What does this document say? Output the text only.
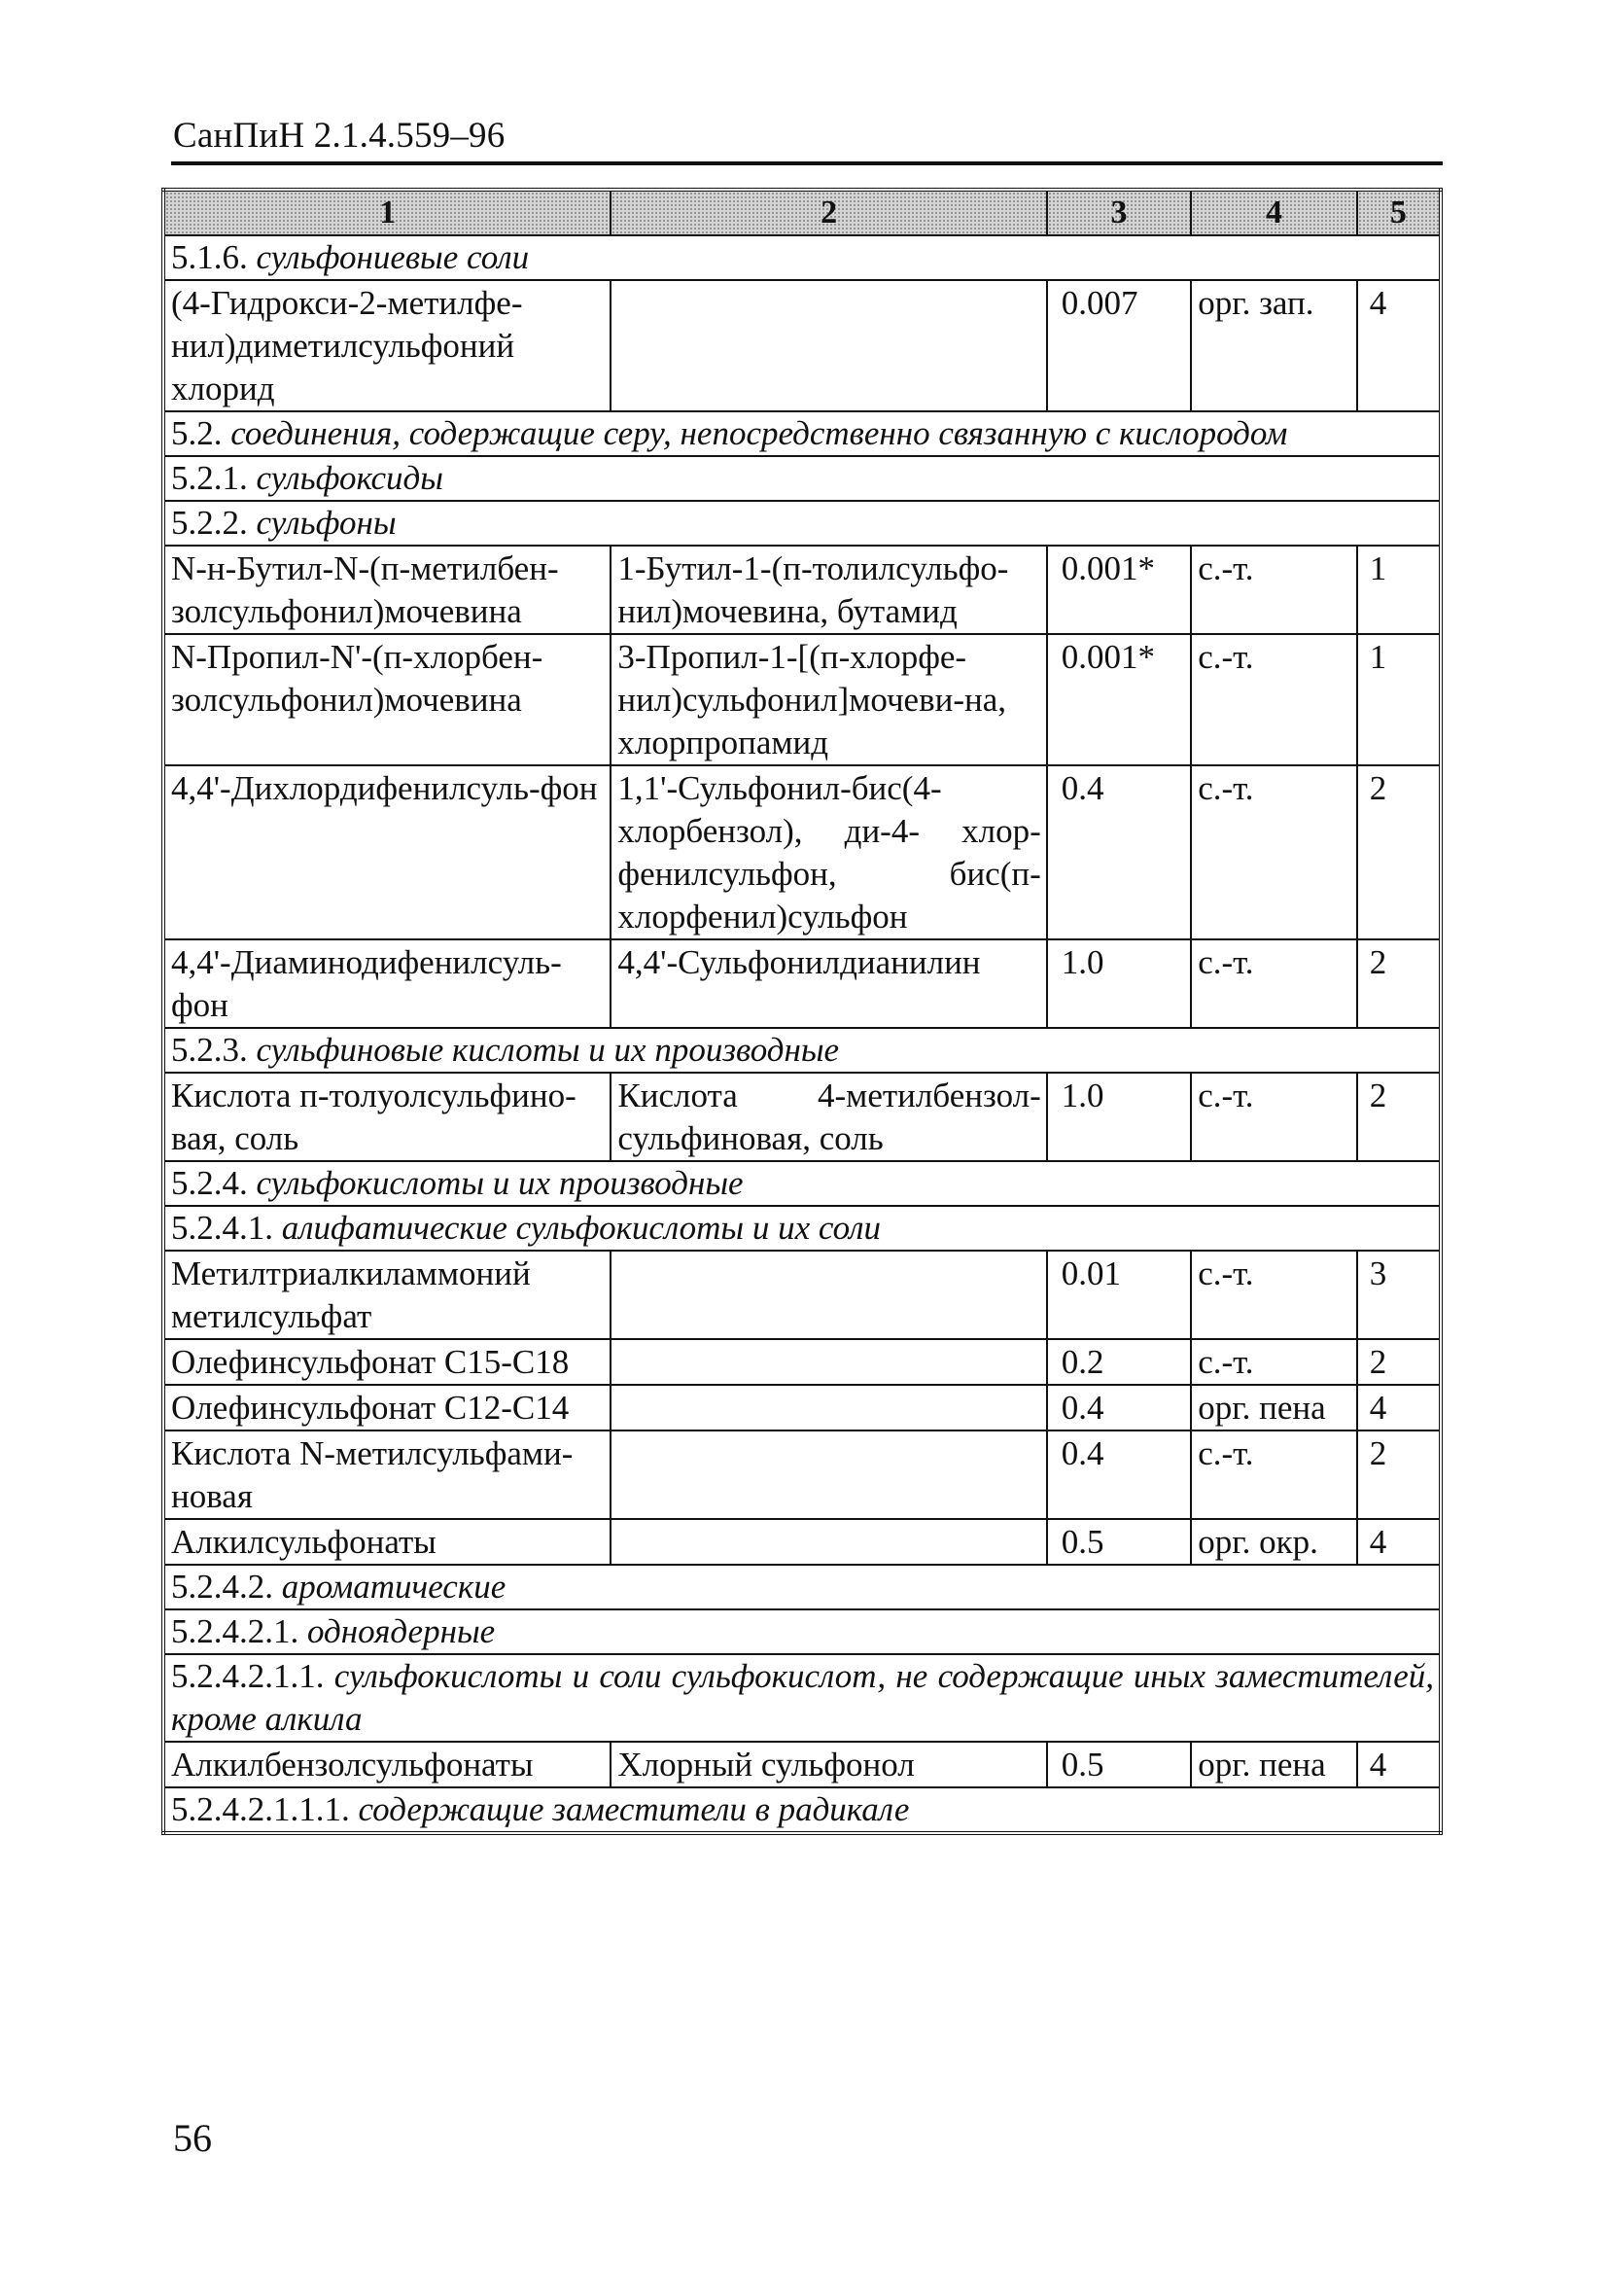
СанПиН 2.1.4.559–96
1	2	3	4	5
5.1.6. сульфониевые соли				
(4-Гидрокси-2-метилфе-нил)диметилсульфоний хлорид		0.007	орг. зап.	4
5.2. соединения, содержащие серу, непосредственно связанную с кислородом				
5.2.1. сульфоксиды				
5.2.2. сульфоны				
N-н-Бутил-N-(п-метилбен-золсульфонил)мочевина	1-Бутил-1-(п-толилсульфо-нил)мочевина, бутамид	0.001*	с.-т.	1
N-Пропил-N'-(п-хлорбен-золсульфонил)мочевина	3-Пропил-1-[(п-хлорфе-нил)сульфонил]мочеви-на, хлорпропамид	0.001*	с.-т.	1
4,4'-Дихлордифенилсуль-фон	1,1'-Сульфонил-бис(4-хлорбензол), ди-4- хлор-фенилсульфон, бис(п-хлорфенил)сульфон	0.4	с.-т.	2
4,4'-Диаминодифенилсуль-фон	4,4'-Сульфонилдианилин	1.0	с.-т.	2
5.2.3. сульфиновые кислоты и их производные				
Кислота п-толуолсульфино-вая, соль	Кислота 4-метилбензол-сульфиновая, соль	1.0	с.-т.	2
5.2.4. сульфокислоты и их производные				
5.2.4.1. алифатические сульфокислоты и их соли				
Метилтриалкиламмоний метилсульфат		0.01	с.-т.	3
Олефинсульфонат С15-С18		0.2	с.-т.	2
Олефинсульфонат С12-С14		0.4	орг. пена	4
Кислота N-метилсульфами-новая		0.4	с.-т.	2
Алкилсульфонаты		0.5	орг. окр.	4
5.2.4.2. ароматические				
5.2.4.2.1. одноядерные				
5.2.4.2.1.1. сульфокислоты и соли сульфокислот, не содержащие иных заместителей, кроме алкила				
Алкилбензолсульфонаты	Хлорный сульфонол	0.5	орг. пена	4
5.2.4.2.1.1.1. содержащие заместители в радикале				
56
